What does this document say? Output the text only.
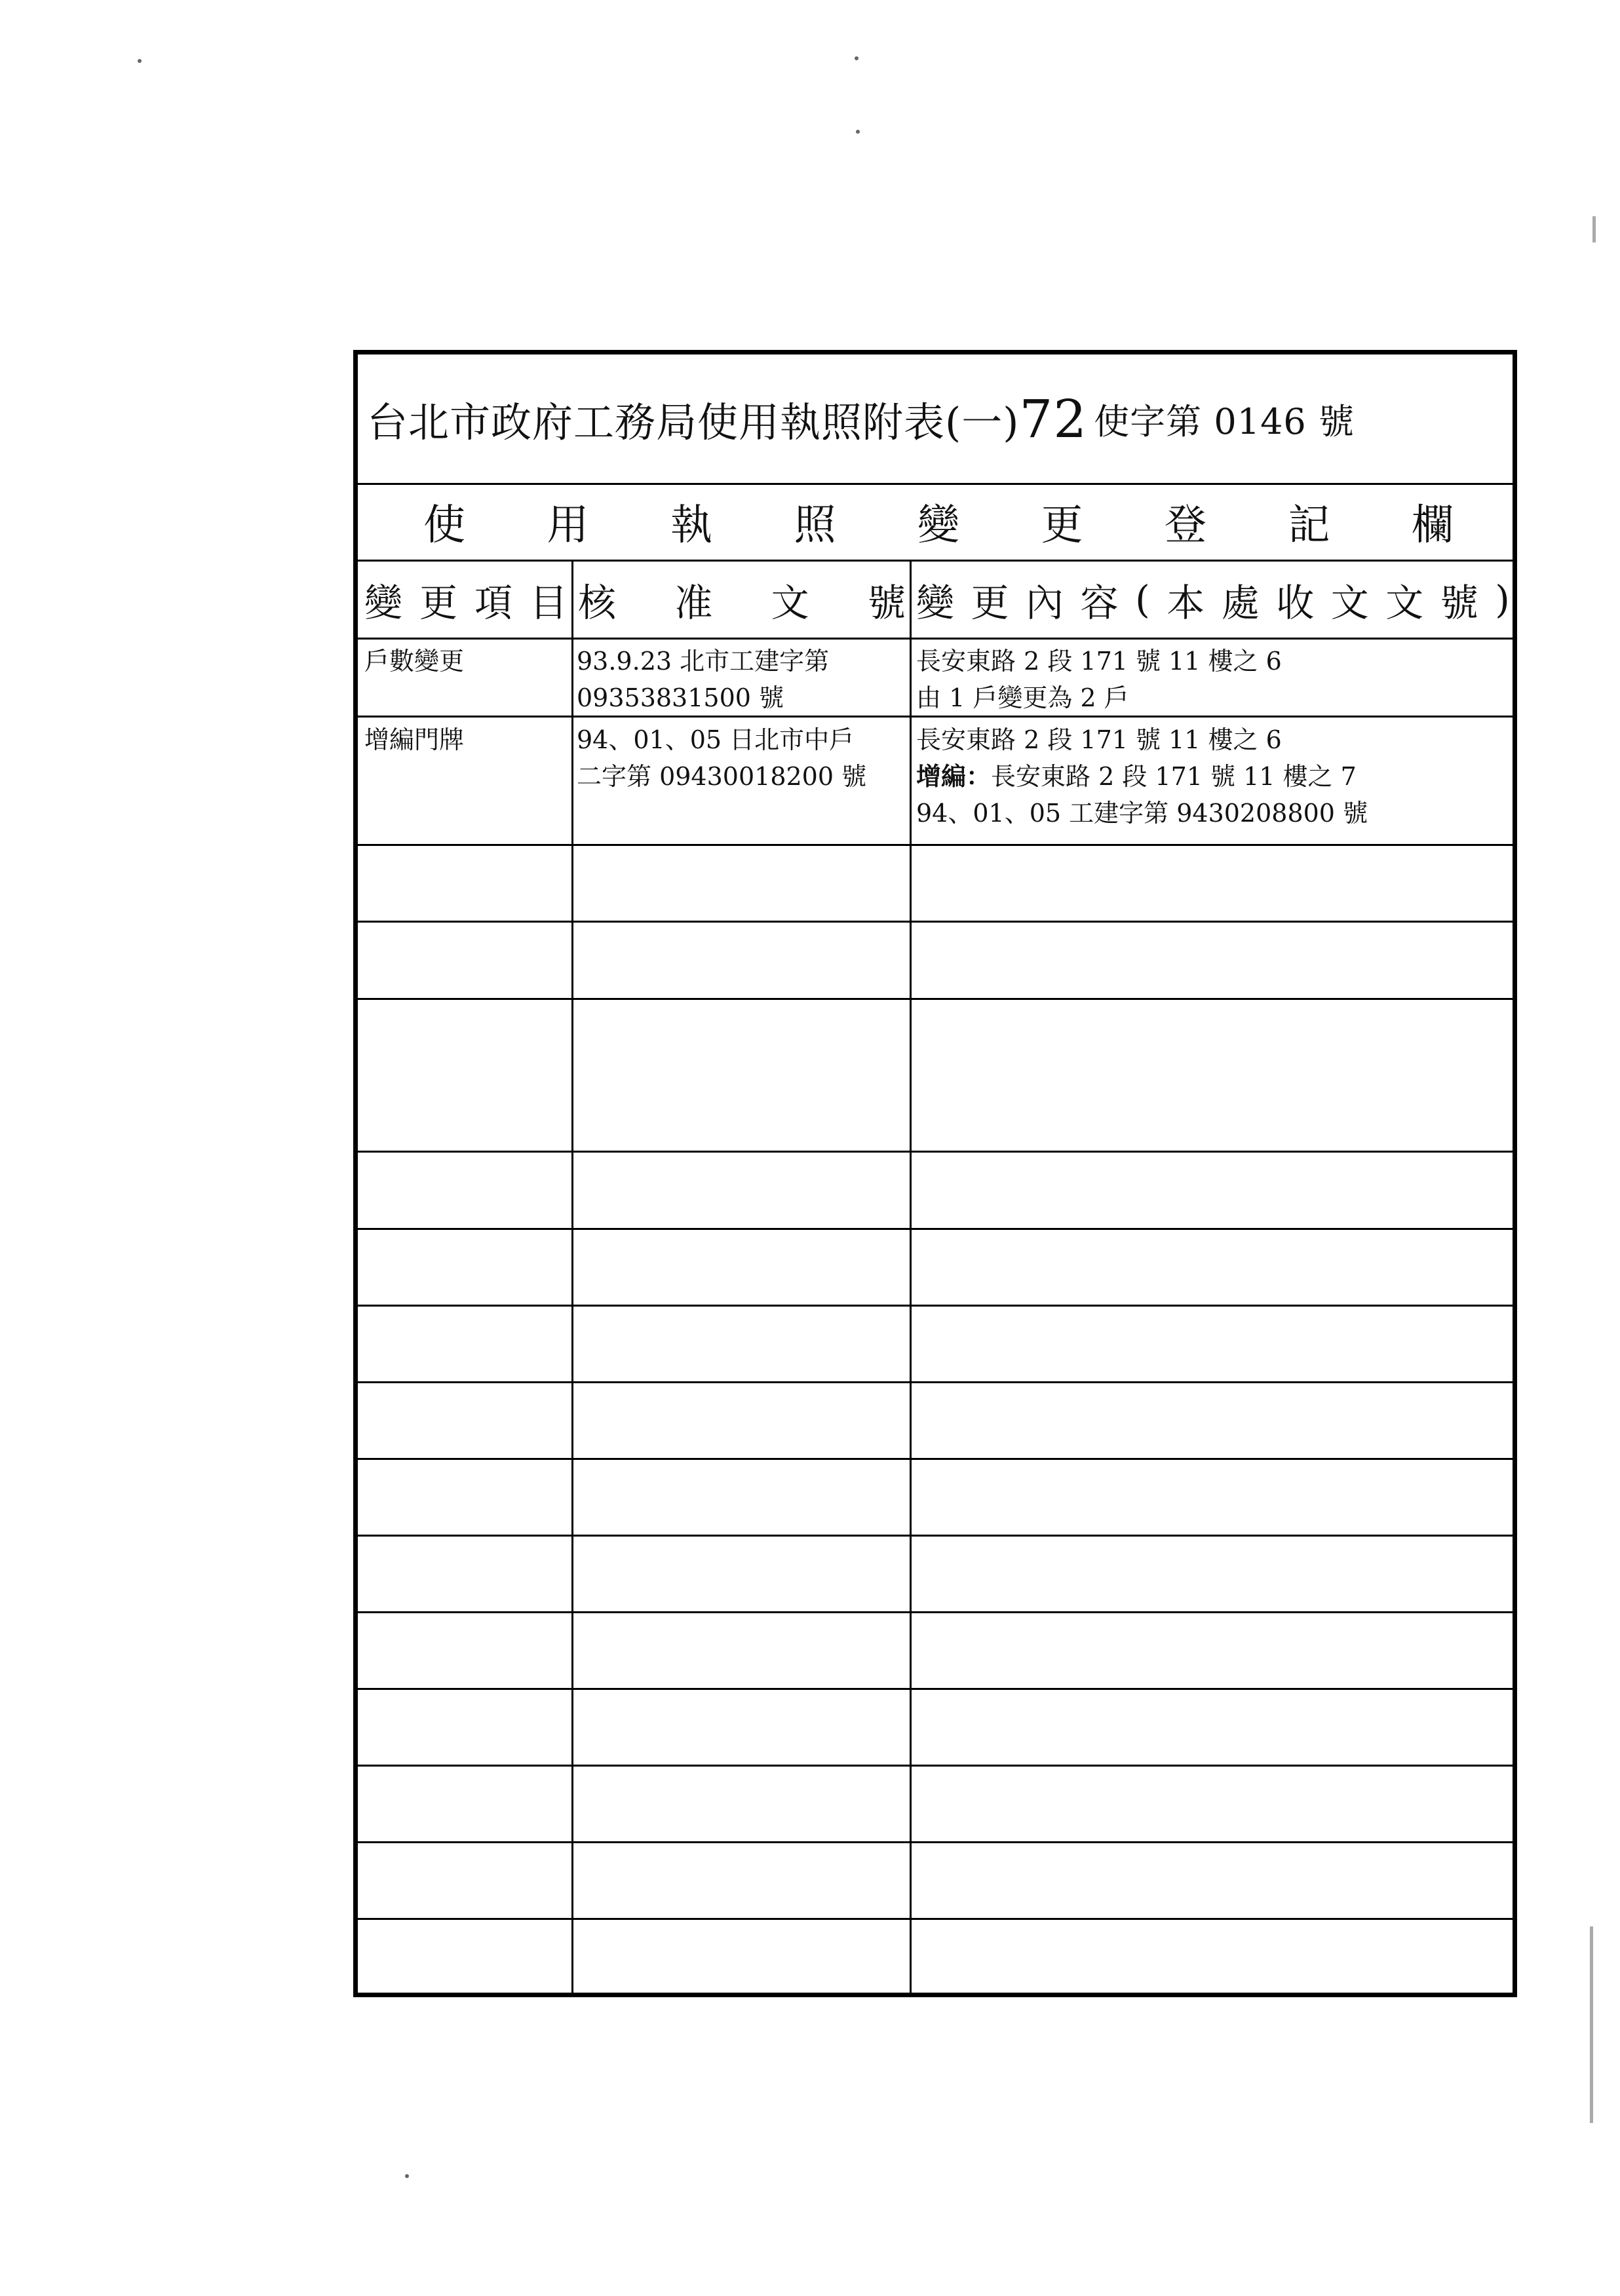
台北市政府工務局使用執照附表(一) 72 使字第 0146 號
使 用 執 照 變 更 登 記 欄
變 更 項 目 核 准 文 號 變 更 內 容 ( 本 處 收 文 文 號 )
戶數變更	93.9.23 北市工建字第
09353831500 號
長安東路 2 段 171 號 11 樓之 6
由 1 戶變更為 2 戶
增編門牌	94、01、05 日北市中戶
二字第 09430018200 號
長安東路 2 段 171 號 11 樓之 6
增編：長安東路 2 段 171 號 11 樓之 7
94、01、05 工建字第 9430208800 號
